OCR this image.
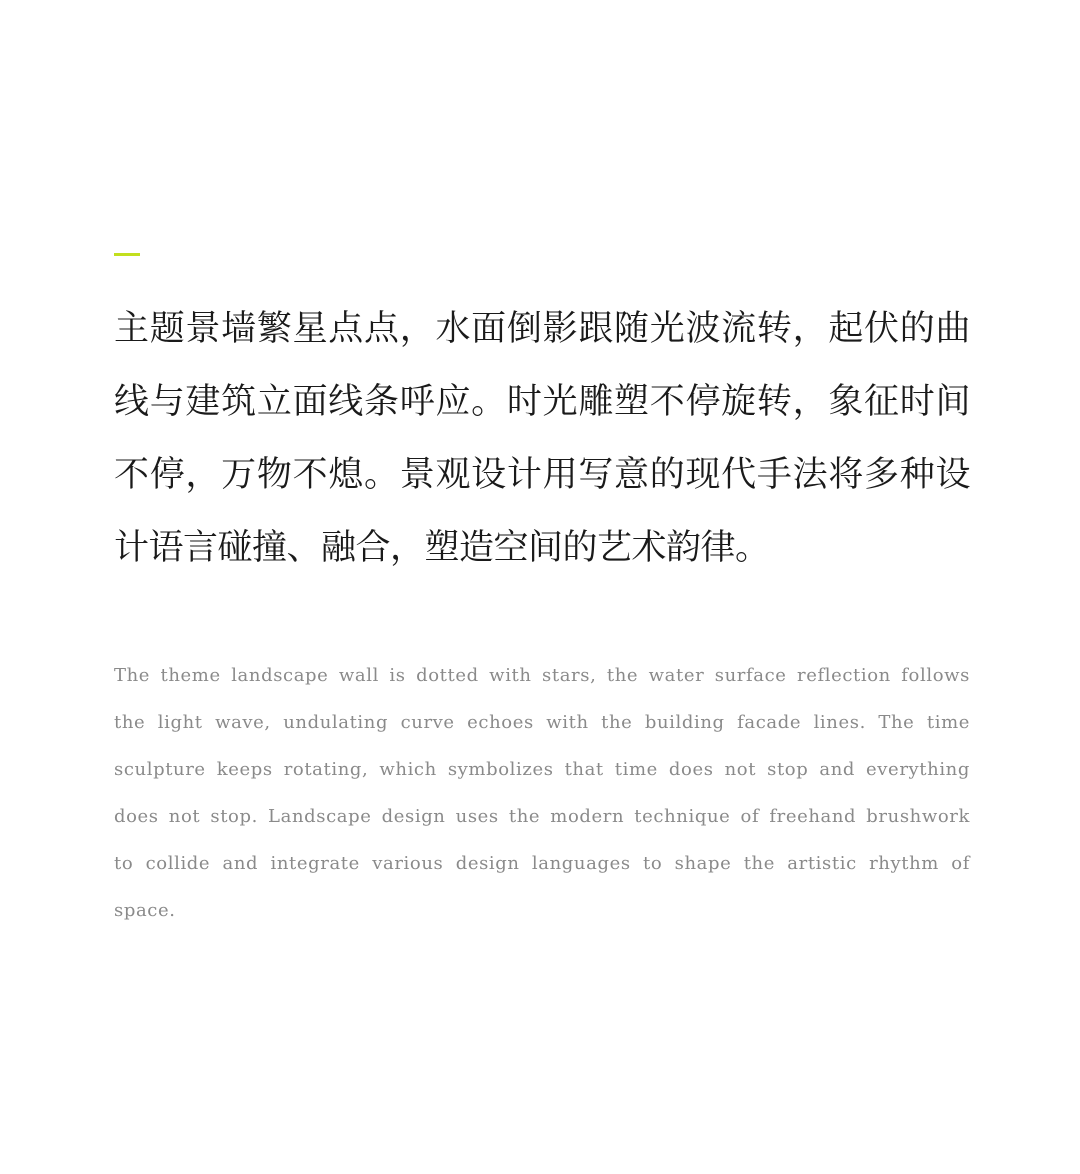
主题景墙繁星点点，水面倒影跟随光波流转，起伏的曲线与建筑立面线条呼应。时光雕塑不停旋转，象征时间不停，万物不熄。景观设计用写意的现代手法将多种设计语言碰撞、融合，塑造空间的艺术韵律。

The theme landscape wall is dotted with stars, the water surface reflection follows the light wave, undulating curve echoes with the building facade lines. The time sculpture keeps rotating, which symbolizes that time does not stop and everything does not stop. Landscape design uses the modern technique of freehand brushwork to collide and integrate various design languages to shape the artistic rhythm of space.
